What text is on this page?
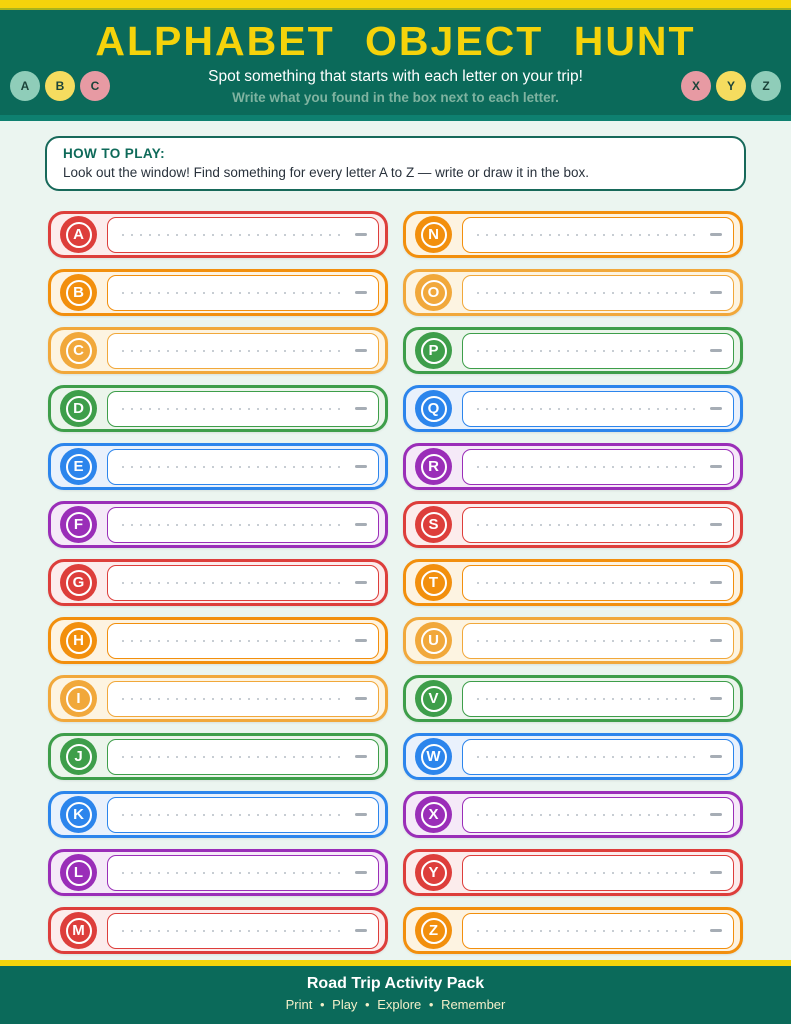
A	B	C	X	Y	Z
ALPHABET OBJECT HUNT
Spot something that starts with each letter on your trip!
Write what you found in the box next to each letter.
HOW TO PLAY:
Look out the window! Find something for every letter A to Z — write or draw it in the box.
A
B
C
D
E
F
G
H
I
J
K
L
M
N
O
P
Q
R
S
T
U
V
W
X
Y
Z
Road Trip Activity Pack
Print • Play • Explore • Remember
